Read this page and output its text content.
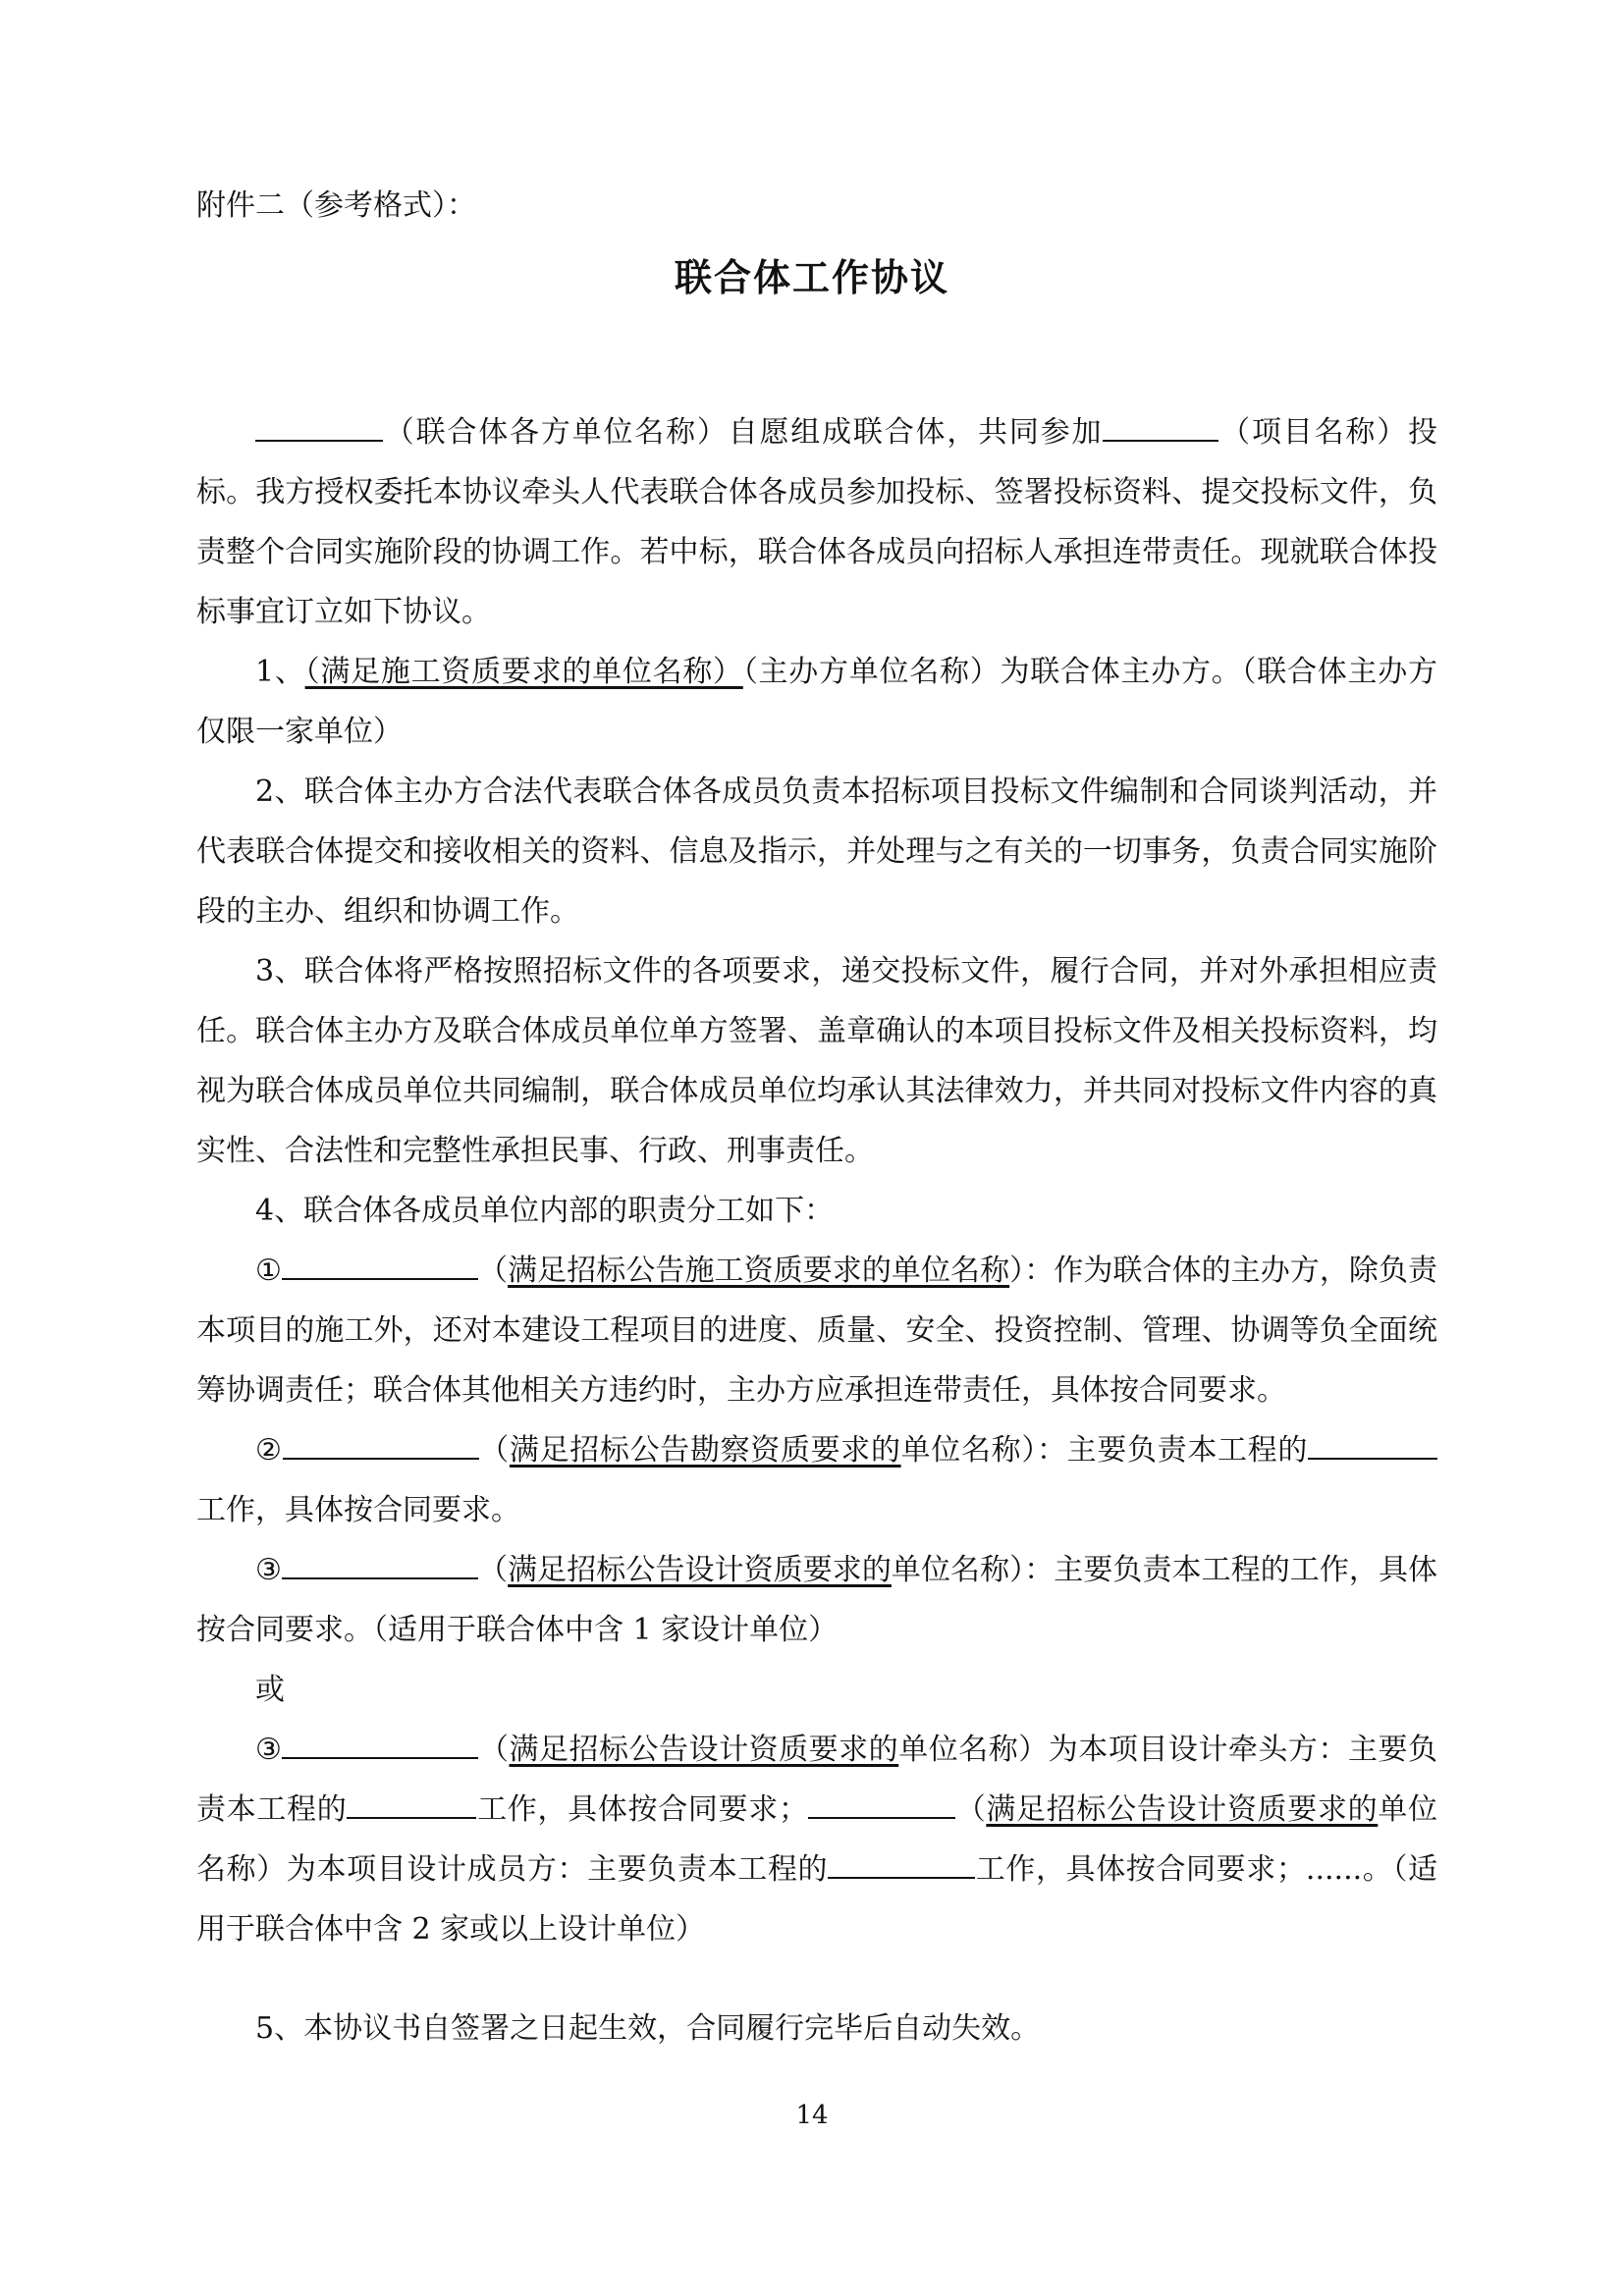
附件二（参考格式）：

联合体工作协议

（联合体各方单位名称）自愿组成联合体，共同参加	（项目名称）投标。我方授权委托本协议牵头人代表联合体各成员参加投标、签署投标资料、提交投标文件，负责整个合同实施阶段的协调工作。若中标，联合体各成员向招标人承担连带责任。现就联合体投标事宜订立如下协议。

1、（满足施工资质要求的单位名称）（主办方单位名称）为联合体主办方。（联合体主办方仅限一家单位）

2、联合体主办方合法代表联合体各成员负责本招标项目投标文件编制和合同谈判活动，并代表联合体提交和接收相关的资料、信息及指示，并处理与之有关的一切事务，负责合同实施阶段的主办、组织和协调工作。

3、联合体将严格按照招标文件的各项要求，递交投标文件，履行合同，并对外承担相应责任。联合体主办方及联合体成员单位单方签署、盖章确认的本项目投标文件及相关投标资料，均视为联合体成员单位共同编制，联合体成员单位均承认其法律效力，并共同对投标文件内容的真实性、合法性和完整性承担民事、行政、刑事责任。

4、联合体各成员单位内部的职责分工如下：

①	（满足招标公告施工资质要求的单位名称）：作为联合体的主办方，除负责本项目的施工外，还对本建设工程项目的进度、质量、安全、投资控制、管理、协调等负全面统筹协调责任；联合体其他相关方违约时，主办方应承担连带责任，具体按合同要求。

②	（满足招标公告勘察资质要求的单位名称）：主要负责本工程的工作，具体按合同要求。

③	（满足招标公告设计资质要求的单位名称）：主要负责本工程的工作，具体按合同要求。（适用于联合体中含 1 家设计单位）

或

③	（满足招标公告设计资质要求的单位名称）为本项目设计牵头方：主要负责本工程的	工作，具体按合同要求；	（满足招标公告设计资质要求的单位名称）为本项目设计成员方：主要负责本工程的	工作，具体按合同要求；......。（适用于联合体中含 2 家或以上设计单位）

5、本协议书自签署之日起生效，合同履行完毕后自动失效。

14
